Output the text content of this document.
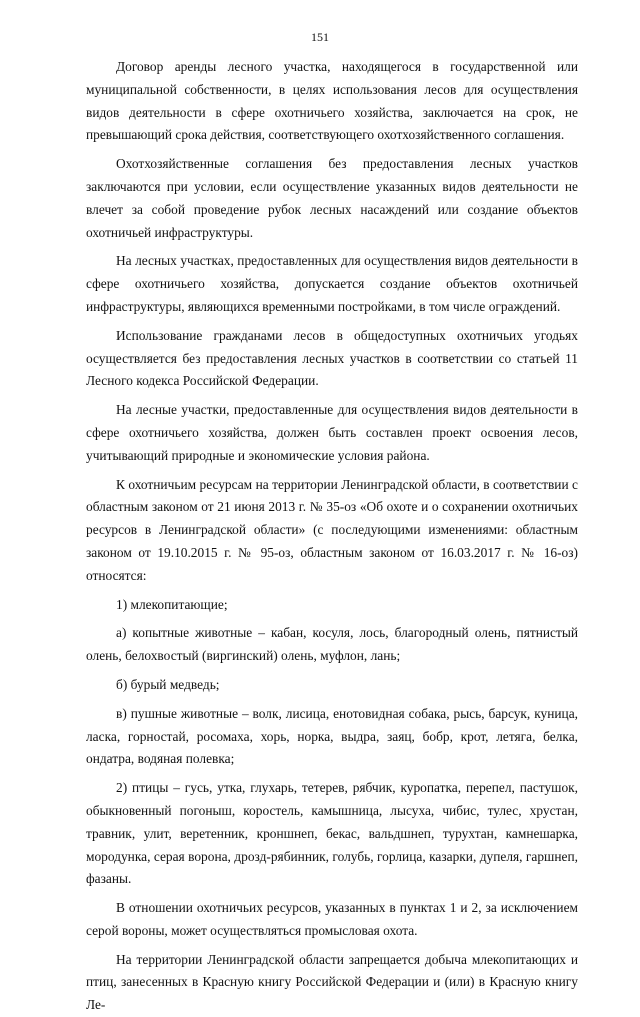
151

Договор аренды лесного участка, находящегося в государственной или муниципальной собственности, в целях использования лесов для осуществления видов деятельности в сфере охотничьего хозяйства, заключается на срок, не превышающий срока действия, соответствующего охотхозяйственного соглашения.

Охотхозяйственные соглашения без предоставления лесных участков заключаются при условии, если осуществление указанных видов деятельности не влечет за собой проведение рубок лесных насаждений или создание объектов охотничьей инфраструктуры.

На лесных участках, предоставленных для осуществления видов деятельности в сфере охотничьего хозяйства, допускается создание объектов охотничьей инфраструктуры, являющихся временными постройками, в том числе ограждений.

Использование гражданами лесов в общедоступных охотничьих угодьях осуществляется без предоставления лесных участков в соответствии со статьей 11 Лесного кодекса Российской Федерации.

На лесные участки, предоставленные для осуществления видов деятельности в сфере охотничьего хозяйства, должен быть составлен проект освоения лесов, учитывающий природные и экономические условия района.

К охотничьим ресурсам на территории Ленинградской области, в соответствии с областным законом от 21 июня 2013 г. № 35-оз «Об охоте и о сохранении охотничьих ресурсов в Ленинградской области» (с последующими изменениями: областным законом от 19.10.2015 г. № 95-оз, областным законом от 16.03.2017 г. № 16-оз) относятся:

1) млекопитающие;

а) копытные животные – кабан, косуля, лось, благородный олень, пятнистый олень, белохвостый (виргинский) олень, муфлон, лань;

б) бурый медведь;

в) пушные животные – волк, лисица, енотовидная собака, рысь, барсук, куница, ласка, горностай, росомаха, хорь, норка, выдра, заяц, бобр, крот, летяга, белка, ондатра, водяная полевка;

2) птицы – гусь, утка, глухарь, тетерев, рябчик, куропатка, перепел, пастушок, обыкновенный погоныш, коростель, камышница, лысуха, чибис, тулес, хрустан, травник, улит, веретенник, кроншнеп, бекас, вальдшнеп, турухтан, камнешарка, мородунка, серая ворона, дрозд-рябинник, голубь, горлица, казарки, дупеля, гаршнеп, фазаны.

В отношении охотничьих ресурсов, указанных в пунктах 1 и 2, за исключением серой вороны, может осуществляться промысловая охота.

На территории Ленинградской области запрещается добыча млекопитающих и птиц, занесенных в Красную книгу Российской Федерации и (или) в Красную книгу Ле-
